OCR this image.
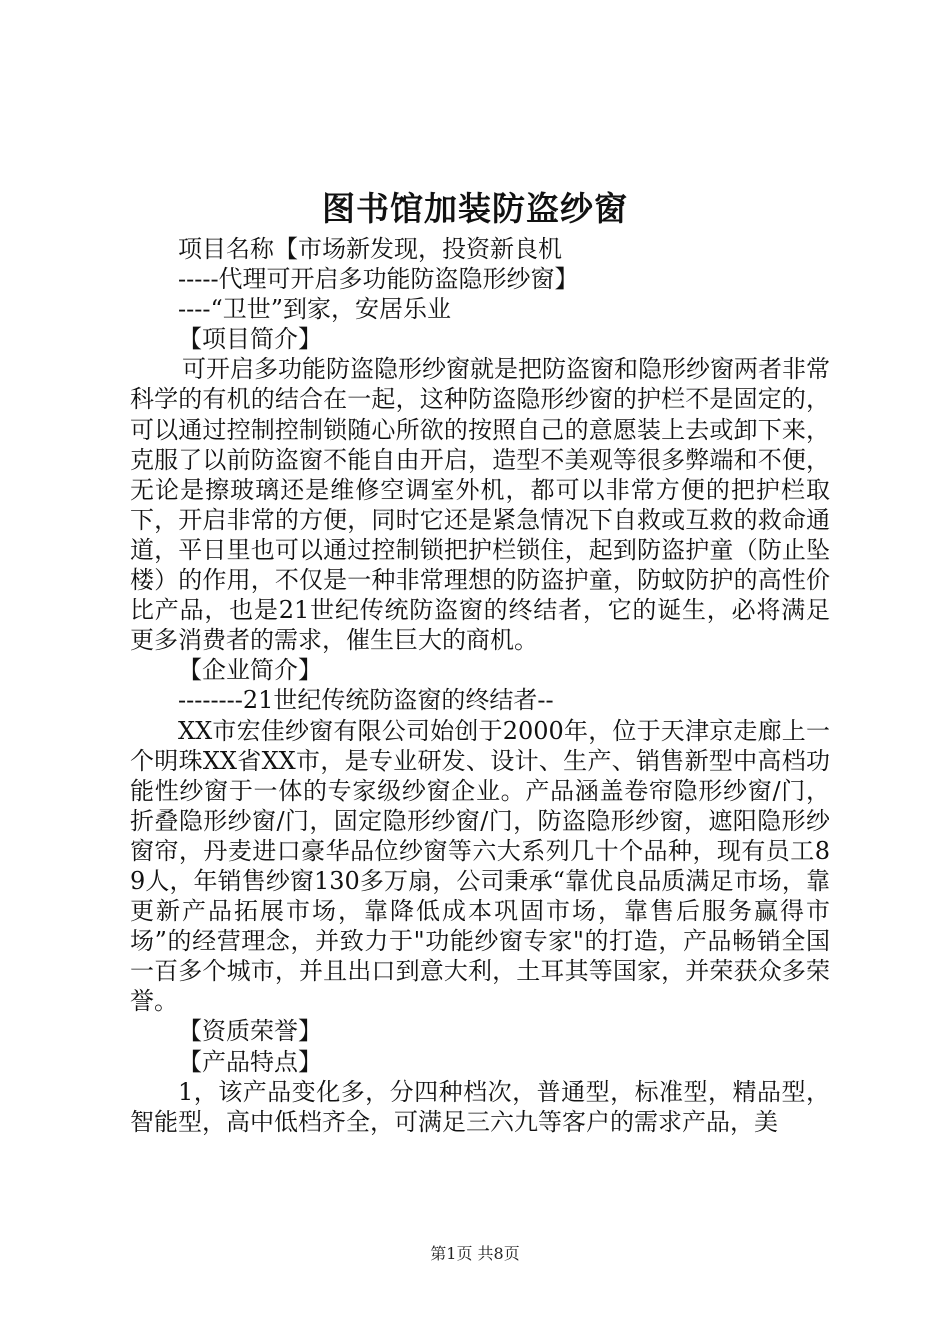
图书馆加装防盗纱窗

项目名称【市场新发现，投资新良机

-----代理可开启多功能防盗隐形纱窗】

----“卫世”到家，安居乐业

【项目简介】

可开启多功能防盗隐形纱窗就是把防盗窗和隐形纱窗两者非常科学的有机的结合在一起，这种防盗隐形纱窗的护栏不是固定的，可以通过控制控制锁随心所欲的按照自己的意愿装上去或卸下来，克服了以前防盗窗不能自由开启，造型不美观等很多弊端和不便，无论是擦玻璃还是维修空调室外机，都可以非常方便的把护栏取下，开启非常的方便，同时它还是紧急情况下自救或互救的救命通道，平日里也可以通过控制锁把护栏锁住，起到防盗护童（防止坠楼）的作用，不仅是一种非常理想的防盗护童，防蚊防护的高性价比产品，也是21世纪传统防盗窗的终结者，它的诞生，必将满足更多消费者的需求，催生巨大的商机。

【企业简介】

--------21世纪传统防盗窗的终结者--

XX市宏佳纱窗有限公司始创于2000年，位于天津京走廊上一个明珠XX省XX市，是专业研发、设计、生产、销售新型中高档功能性纱窗于一体的专家级纱窗企业。产品涵盖卷帘隐形纱窗/门，折叠隐形纱窗/门，固定隐形纱窗/门，防盗隐形纱窗，遮阳隐形纱窗帘，丹麦进口豪华品位纱窗等六大系列几十个品种，现有员工89人，年销售纱窗130多万扇，公司秉承“靠优良品质满足市场，靠更新产品拓展市场，靠降低成本巩固市场，靠售后服务赢得市场”的经营理念，并致力于"功能纱窗专家"的打造，产品畅销全国一百多个城市，并且出口到意大利，土耳其等国家，并荣获众多荣誉。

【资质荣誉】

【产品特点】

1，该产品变化多，分四种档次，普通型，标准型，精品型，智能型，高中低档齐全，可满足三六九等客户的需求产品，美

第1页 共8页
